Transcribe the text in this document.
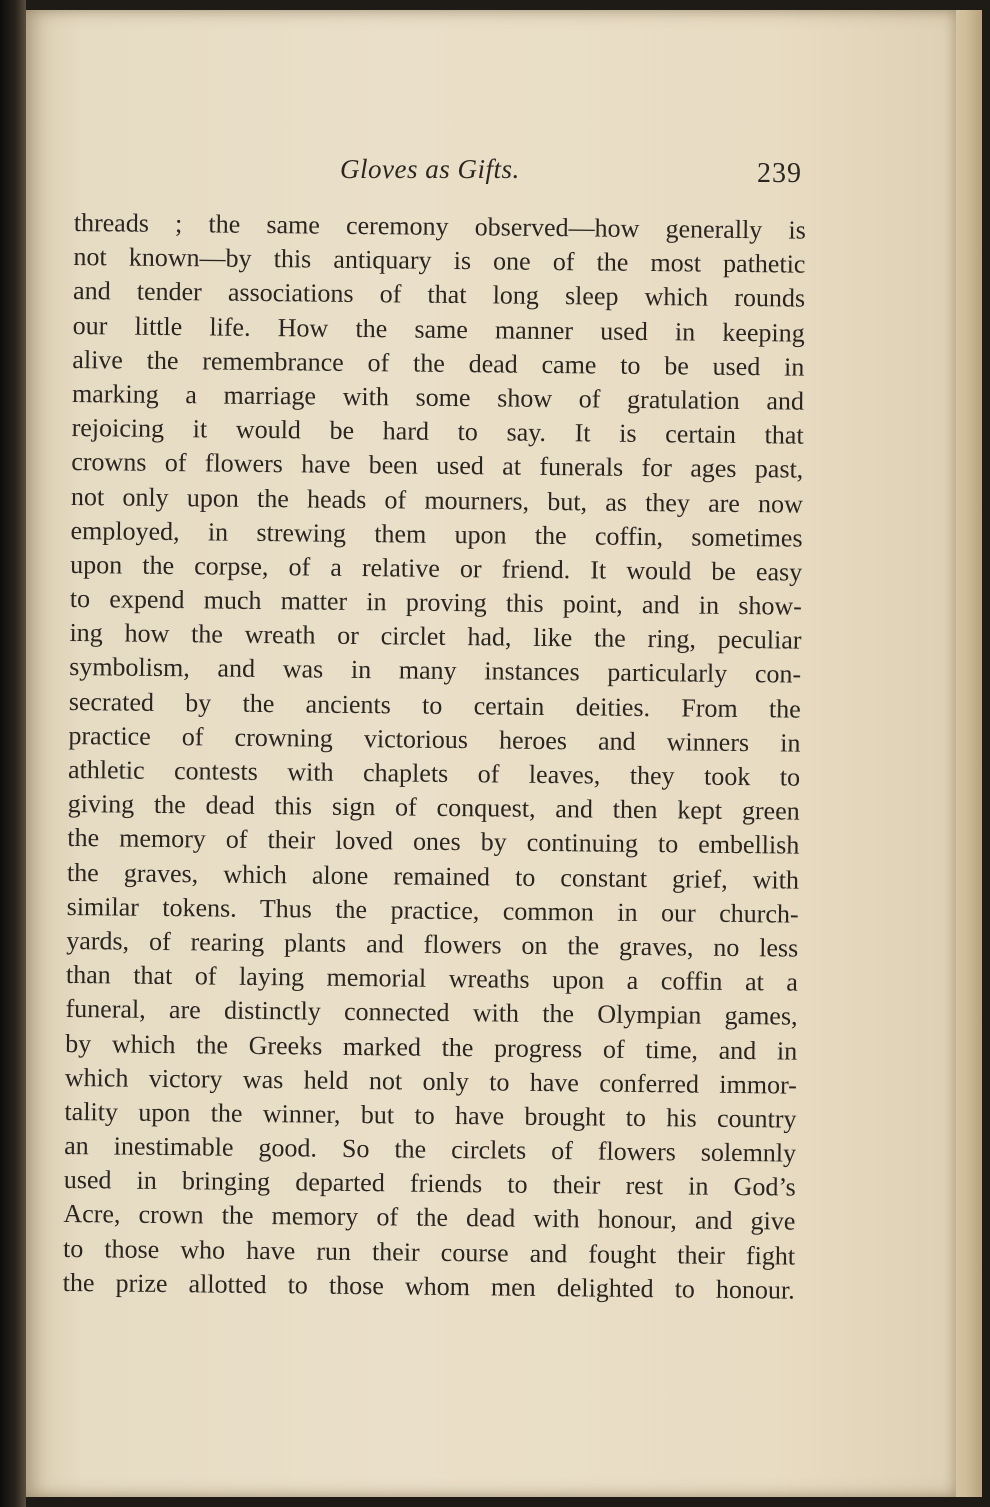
Gloves as Gifts.	239
threads ; the same ceremony observed—how generally is
not known—by this antiquary is one of the most pathetic
and tender associations of that long sleep which rounds
our little life. How the same manner used in keeping
alive the remembrance of the dead came to be used in
marking a marriage with some show of gratulation and
rejoicing it would be hard to say. It is certain that
crowns of flowers have been used at funerals for ages past,
not only upon the heads of mourners, but, as they are now
employed, in strewing them upon the coffin, sometimes
upon the corpse, of a relative or friend. It would be easy
to expend much matter in proving this point, and in show-
ing how the wreath or circlet had, like the ring, peculiar
symbolism, and was in many instances particularly con-
secrated by the ancients to certain deities. From the
practice of crowning victorious heroes and winners in
athletic contests with chaplets of leaves, they took to
giving the dead this sign of conquest, and then kept green
the memory of their loved ones by continuing to embellish
the graves, which alone remained to constant grief, with
similar tokens. Thus the practice, common in our church-
yards, of rearing plants and flowers on the graves, no less
than that of laying memorial wreaths upon a coffin at a
funeral, are distinctly connected with the Olympian games,
by which the Greeks marked the progress of time, and in
which victory was held not only to have conferred immor-
tality upon the winner, but to have brought to his country
an inestimable good. So the circlets of flowers solemnly
used in bringing departed friends to their rest in God’s
Acre, crown the memory of the dead with honour, and give
to those who have run their course and fought their fight
the prize allotted to those whom men delighted to honour.
